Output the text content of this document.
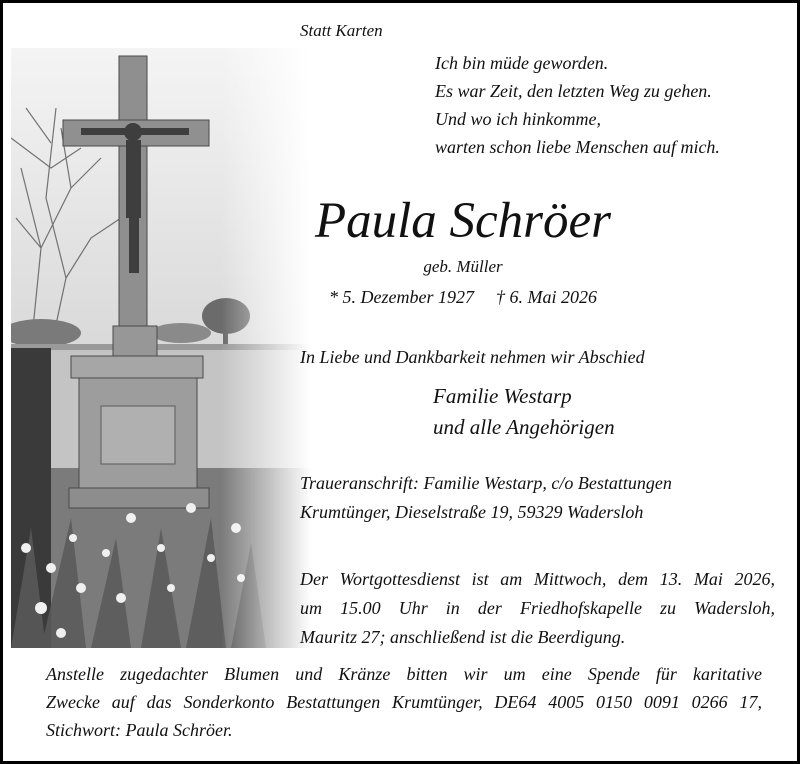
Statt Karten

Ich bin müde geworden.
Es war Zeit, den letzten Weg zu gehen.
Und wo ich hinkomme,
warten schon liebe Menschen auf mich.

Paula Schröer

geb. Müller

* 5. Dezember 1927 † 6. Mai 2026

In Liebe und Dankbarkeit nehmen wir Abschied

Familie Westarp
und alle Angehörigen
Traueranschrift: Familie Westarp, c/o Bestattungen
Krumtünger, Dieselstraße 19, 59329 Wadersloh
Der Wortgottesdienst ist am Mittwoch, dem 13. Mai 2026,
um 15.00 Uhr in der Friedhofskapelle zu Wadersloh,
Mauritz 27; anschließend ist die Beerdigung.
Anstelle zugedachter Blumen und Kränze bitten wir um eine Spende für karitative
Zwecke auf das Sonderkonto Bestattungen Krumtünger, DE64 4005 0150 0091 0266 17,
Stichwort: Paula Schröer.
